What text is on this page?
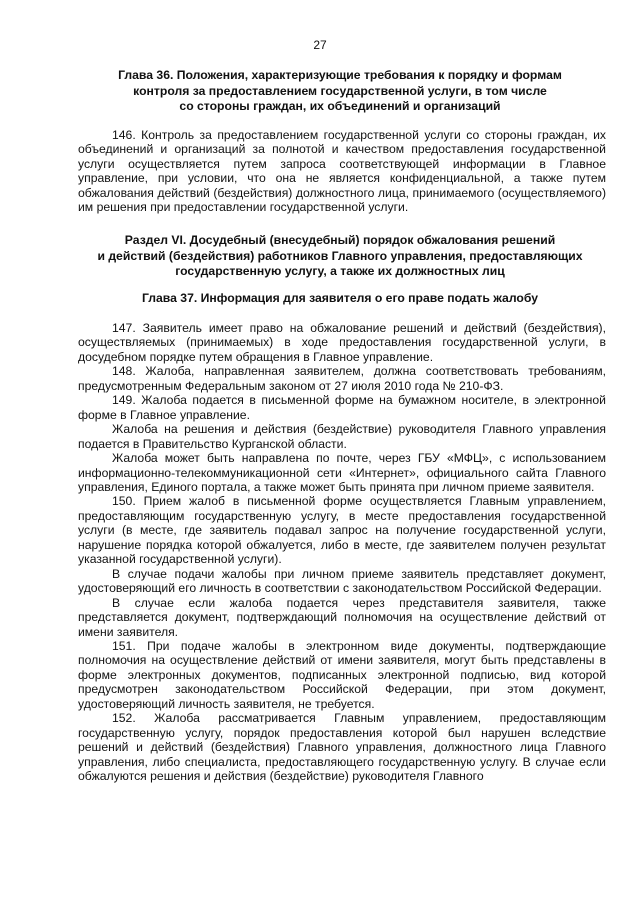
27
Глава 36. Положения, характеризующие требования к порядку и формам
контроля за предоставлением государственной услуги, в том числе
со стороны граждан, их объединений и организаций

146. Контроль за предоставлением государственной услуги со стороны граждан, их объединений и организаций за полнотой и качеством предоставления государственной услуги осуществляется путем запроса соответствующей информации в Главное управление, при условии, что она не является конфиденциальной, а также путем обжалования действий (бездействия) должностного лица, принимаемого (осуществляемого) им решения при предоставлении государственной услуги.

Раздел VI. Досудебный (внесудебный) порядок обжалования решений
и действий (бездействия) работников Главного управления, предоставляющих
государственную услугу, а также их должностных лиц
Глава 37. Информация для заявителя о его праве подать жалобу

147. Заявитель имеет право на обжалование решений и действий (бездействия), осуществляемых (принимаемых) в ходе предоставления государственной услуги, в досудебном порядке путем обращения в Главное управление.

148. Жалоба, направленная заявителем, должна соответствовать требованиям, предусмотренным Федеральным законом от 27 июля 2010 года № 210-ФЗ.

149. Жалоба подается в письменной форме на бумажном носителе, в электронной форме в Главное управление.

Жалоба на решения и действия (бездействие) руководителя Главного управления подается в Правительство Курганской области.

Жалоба может быть направлена по почте, через ГБУ «МФЦ», с использованием информационно-телекоммуникационной сети «Интернет», официального сайта Главного управления, Единого портала, а также может быть принята при личном приеме заявителя.

150. Прием жалоб в письменной форме осуществляется Главным управлением, предоставляющим государственную услугу, в месте предоставления государственной услуги (в месте, где заявитель подавал запрос на получение государственной услуги, нарушение порядка которой обжалуется, либо в месте, где заявителем получен результат указанной государственной услуги).

В случае подачи жалобы при личном приеме заявитель представляет документ, удостоверяющий его личность в соответствии с законодательством Российской Федерации.

В случае если жалоба подается через представителя заявителя, также представляется документ, подтверждающий полномочия на осуществление действий от имени заявителя.

151. При подаче жалобы в электронном виде документы, подтверждающие полномочия на осуществление действий от имени заявителя, могут быть представлены в форме электронных документов, подписанных электронной подписью, вид которой предусмотрен законодательством Российской Федерации, при этом документ, удостоверяющий личность заявителя, не требуется.

152. Жалоба рассматривается Главным управлением, предоставляющим государственную услугу, порядок предоставления которой был нарушен вследствие решений и действий (бездействия) Главного управления, должностного лица Главного управления, либо специалиста, предоставляющего государственную услугу. В случае если обжалуются решения и действия (бездействие) руководителя Главного
